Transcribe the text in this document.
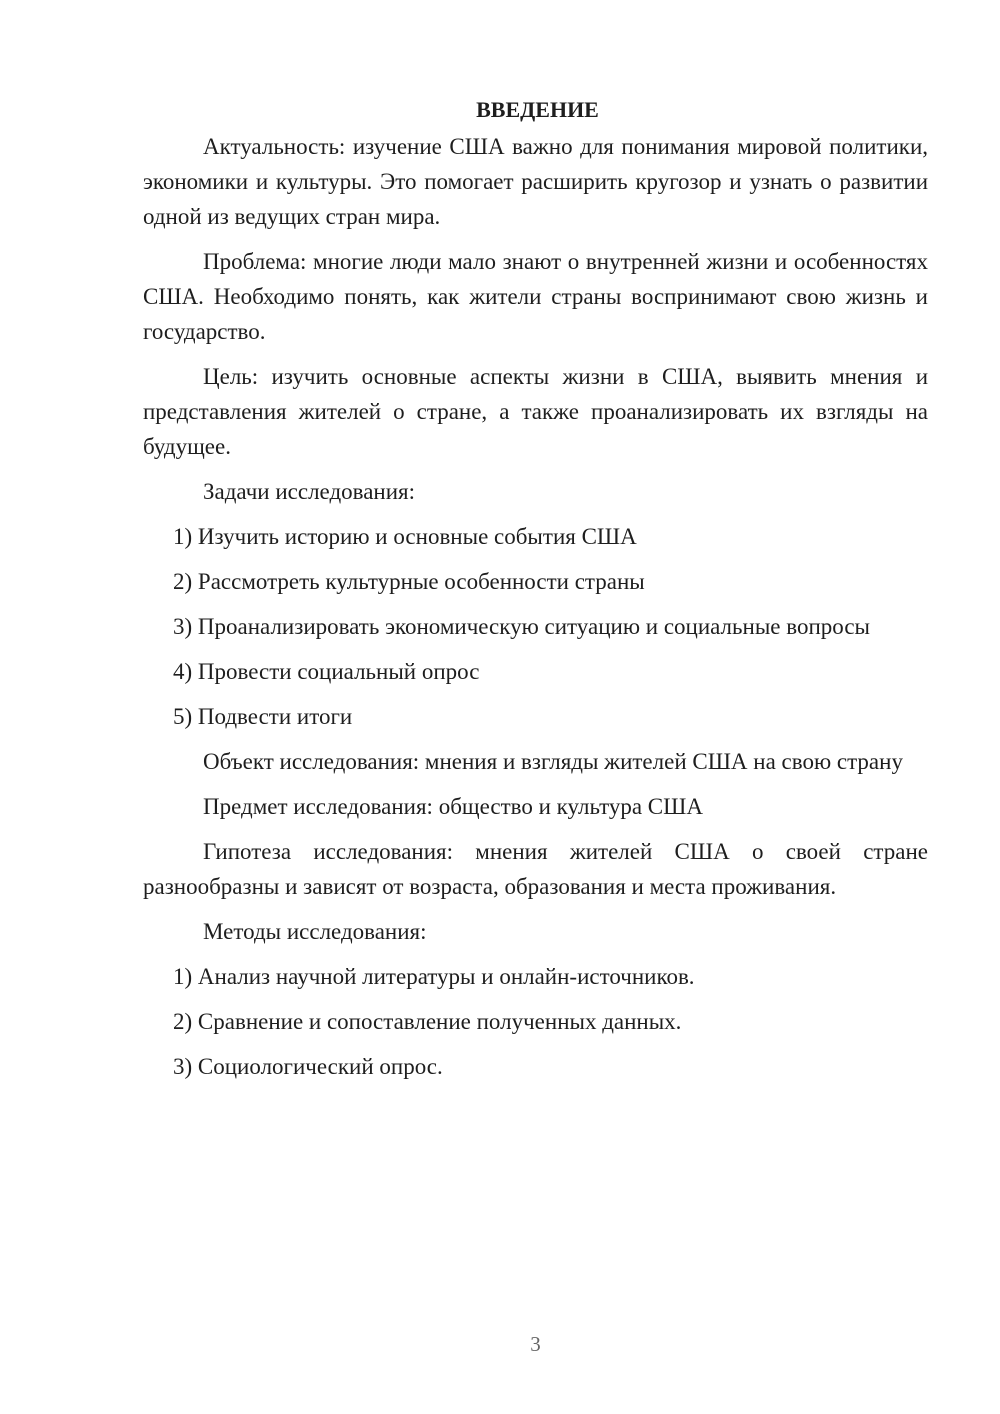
ВВЕДЕНИЕ

Актуальность: изучение США важно для понимания мировой политики, экономики и культуры. Это помогает расширить кругозор и узнать о развитии одной из ведущих стран мира.

Проблема: многие люди мало знают о внутренней жизни и особенностях США. Необходимо понять, как жители страны воспринимают свою жизнь и государство.

Цель: изучить основные аспекты жизни в США, выявить мнения и представления жителей о стране, а также проанализировать их взгляды на будущее.

Задачи исследования:

1) Изучить историю и основные события США

2) Рассмотреть культурные особенности страны

3) Проанализировать экономическую ситуацию и социальные вопросы

4) Провести социальный опрос

5) Подвести итоги

Объект исследования: мнения и взгляды жителей США на свою страну

Предмет исследования: общество и культура США

Гипотеза исследования: мнения жителей США о своей стране разнообразны и зависят от возраста, образования и места проживания.

Методы исследования:

1) Анализ научной литературы и онлайн-источников.

2) Сравнение и сопоставление полученных данных.

3) Социологический опрос.

3
